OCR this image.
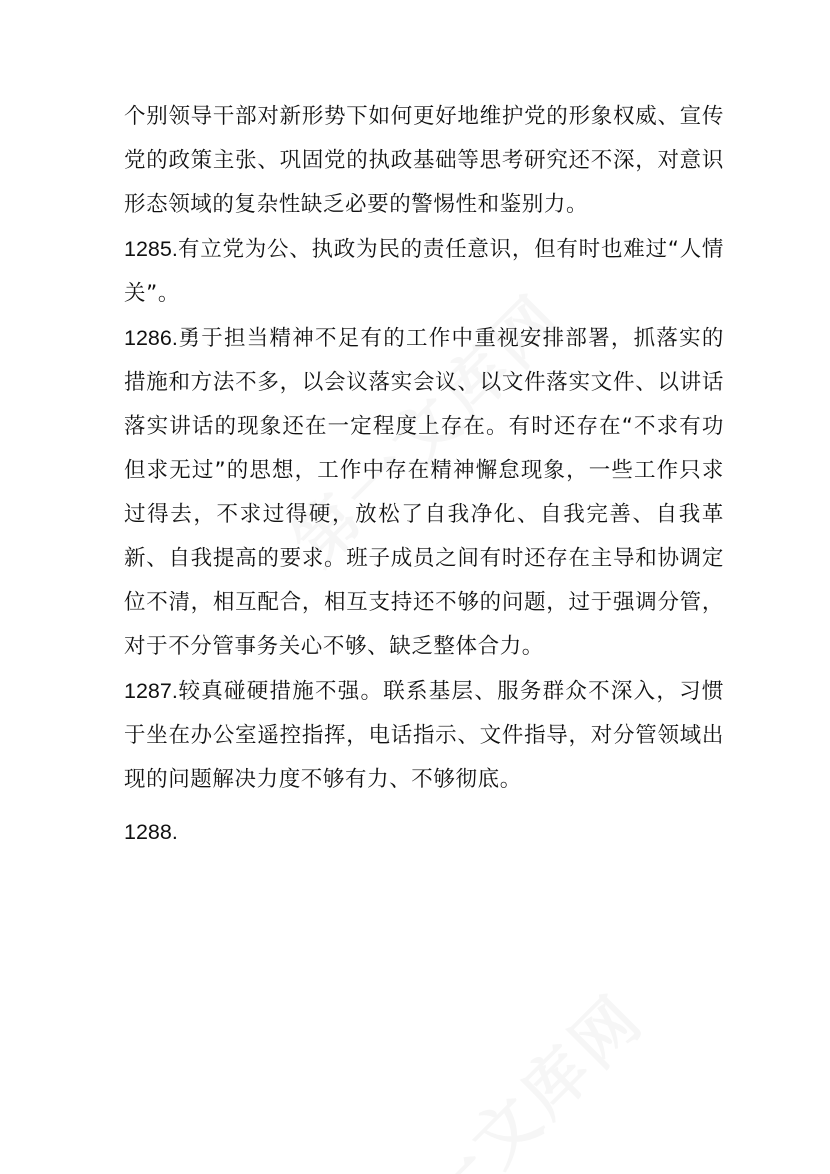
个别领导干部对新形势下如何更好地维护党的形象权威、宣传党的政策主张、巩固党的执政基础等思考研究还不深，对意识形态领域的复杂性缺乏必要的警惕性和鉴别力。

1285.有立党为公、执政为民的责任意识，但有时也难过“人情关”。

1286.勇于担当精神不足有的工作中重视安排部署，抓落实的措施和方法不多，以会议落实会议、以文件落实文件、以讲话落实讲话的现象还在一定程度上存在。有时还存在“不求有功但求无过”的思想，工作中存在精神懈怠现象，一些工作只求过得去，不求过得硬，放松了自我净化、自我完善、自我革新、自我提高的要求。班子成员之间有时还存在主导和协调定位不清，相互配合，相互支持还不够的问题，过于强调分管，对于不分管事务关心不够、缺乏整体合力。

1287.较真碰硬措施不强。联系基层、服务群众不深入，习惯于坐在办公室遥控指挥，电话指示、文件指导，对分管领域出现的问题解决力度不够有力、不够彻底。

1288.
